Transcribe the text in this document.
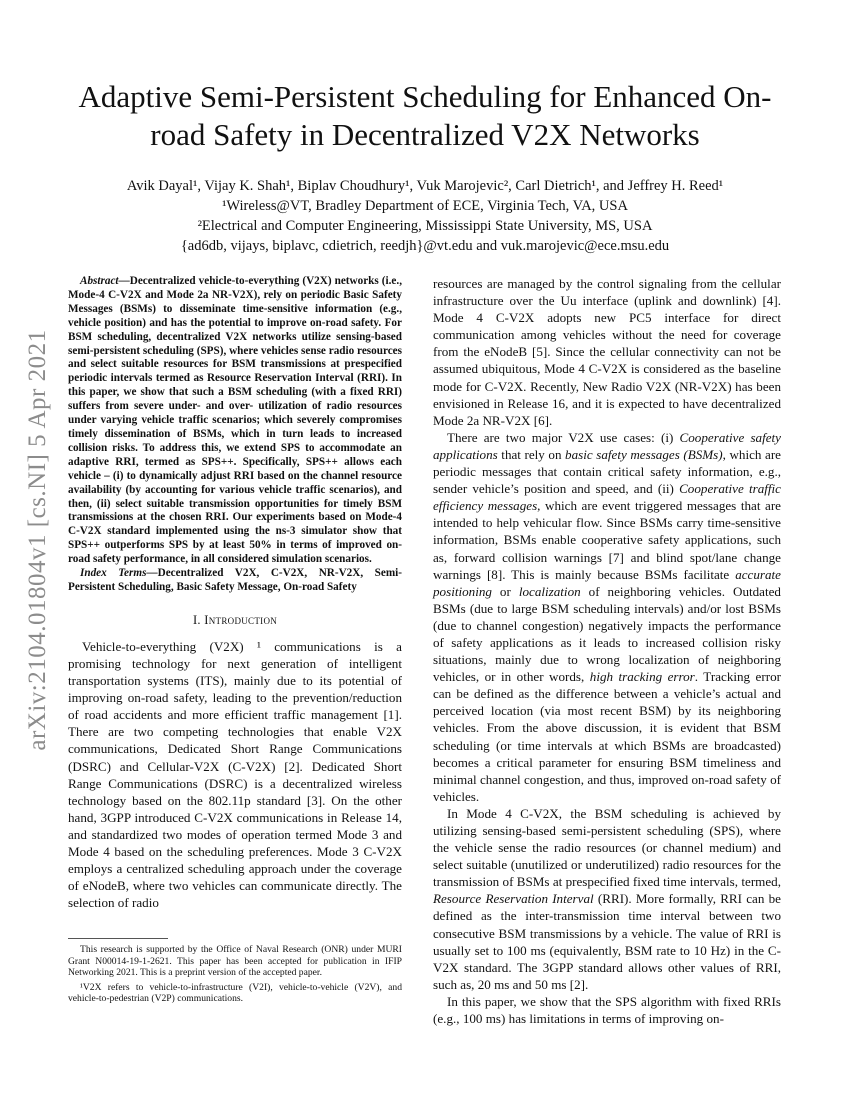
arXiv:2104.01804v1 [cs.NI] 5 Apr 2021
Adaptive Semi-Persistent Scheduling for Enhanced On-road Safety in Decentralized V2X Networks
Avik Dayal¹, Vijay K. Shah¹, Biplav Choudhury¹, Vuk Marojevic², Carl Dietrich¹, and Jeffrey H. Reed¹
¹Wireless@VT, Bradley Department of ECE, Virginia Tech, VA, USA
²Electrical and Computer Engineering, Mississippi State University, MS, USA
{ad6db, vijays, biplavc, cdietrich, reedjh}@vt.edu and vuk.marojevic@ece.msu.edu

Abstract—Decentralized vehicle-to-everything (V2X) networks (i.e., Mode-4 C-V2X and Mode 2a NR-V2X), rely on periodic Basic Safety Messages (BSMs) to disseminate time-sensitive information (e.g., vehicle position) and has the potential to improve on-road safety. For BSM scheduling, decentralized V2X networks utilize sensing-based semi-persistent scheduling (SPS), where vehicles sense radio resources and select suitable resources for BSM transmissions at prespecified periodic intervals termed as Resource Reservation Interval (RRI). In this paper, we show that such a BSM scheduling (with a fixed RRI) suffers from severe under- and over- utilization of radio resources under varying vehicle traffic scenarios; which severely compromises timely dissemination of BSMs, which in turn leads to increased collision risks. To address this, we extend SPS to accommodate an adaptive RRI, termed as SPS++. Specifically, SPS++ allows each vehicle – (i) to dynamically adjust RRI based on the channel resource availability (by accounting for various vehicle traffic scenarios), and then, (ii) select suitable transmission opportunities for timely BSM transmissions at the chosen RRI. Our experiments based on Mode-4 C-V2X standard implemented using the ns-3 simulator show that SPS++ outperforms SPS by at least 50% in terms of improved on-road safety performance, in all considered simulation scenarios.

Index Terms—Decentralized V2X, C-V2X, NR-V2X, Semi-Persistent Scheduling, Basic Safety Message, On-road Safety

I. Introduction

Vehicle-to-everything (V2X) ¹ communications is a promising technology for next generation of intelligent transportation systems (ITS), mainly due to its potential of improving on-road safety, leading to the prevention/reduction of road accidents and more efficient traffic management [1]. There are two competing technologies that enable V2X communications, Dedicated Short Range Communications (DSRC) and Cellular-V2X (C-V2X) [2]. Dedicated Short Range Communications (DSRC) is a decentralized wireless technology based on the 802.11p standard [3]. On the other hand, 3GPP introduced C-V2X communications in Release 14, and standardized two modes of operation termed Mode 3 and Mode 4 based on the scheduling preferences. Mode 3 C-V2X employs a centralized scheduling approach under the coverage of eNodeB, where two vehicles can communicate directly. The selection of radio

This research is supported by the Office of Naval Research (ONR) under MURI Grant N00014-19-1-2621. This paper has been accepted for publication in IFIP Networking 2021. This is a preprint version of the accepted paper.

¹V2X refers to vehicle-to-infrastructure (V2I), vehicle-to-vehicle (V2V), and vehicle-to-pedestrian (V2P) communications.

resources are managed by the control signaling from the cellular infrastructure over the Uu interface (uplink and downlink) [4]. Mode 4 C-V2X adopts new PC5 interface for direct communication among vehicles without the need for coverage from the eNodeB [5]. Since the cellular connectivity can not be assumed ubiquitous, Mode 4 C-V2X is considered as the baseline mode for C-V2X. Recently, New Radio V2X (NR-V2X) has been envisioned in Release 16, and it is expected to have decentralized Mode 2a NR-V2X [6].

There are two major V2X use cases: (i) Cooperative safety applications that rely on basic safety messages (BSMs), which are periodic messages that contain critical safety information, e.g., sender vehicle’s position and speed, and (ii) Cooperative traffic efficiency messages, which are event triggered messages that are intended to help vehicular flow. Since BSMs carry time-sensitive information, BSMs enable cooperative safety applications, such as, forward collision warnings [7] and blind spot/lane change warnings [8]. This is mainly because BSMs facilitate accurate positioning or localization of neighboring vehicles. Outdated BSMs (due to large BSM scheduling intervals) and/or lost BSMs (due to channel congestion) negatively impacts the performance of safety applications as it leads to increased collision risky situations, mainly due to wrong localization of neighboring vehicles, or in other words, high tracking error. Tracking error can be defined as the difference between a vehicle’s actual and perceived location (via most recent BSM) by its neighboring vehicles. From the above discussion, it is evident that BSM scheduling (or time intervals at which BSMs are broadcasted) becomes a critical parameter for ensuring BSM timeliness and minimal channel congestion, and thus, improved on-road safety of vehicles.

In Mode 4 C-V2X, the BSM scheduling is achieved by utilizing sensing-based semi-persistent scheduling (SPS), where the vehicle sense the radio resources (or channel medium) and select suitable (unutilized or underutilized) radio resources for the transmission of BSMs at prespecified fixed time intervals, termed, Resource Reservation Interval (RRI). More formally, RRI can be defined as the inter-transmission time interval between two consecutive BSM transmissions by a vehicle. The value of RRI is usually set to 100 ms (equivalently, BSM rate to 10 Hz) in the C-V2X standard. The 3GPP standard allows other values of RRI, such as, 20 ms and 50 ms [2].

In this paper, we show that the SPS algorithm with fixed RRIs (e.g., 100 ms) has limitations in terms of improving on-
